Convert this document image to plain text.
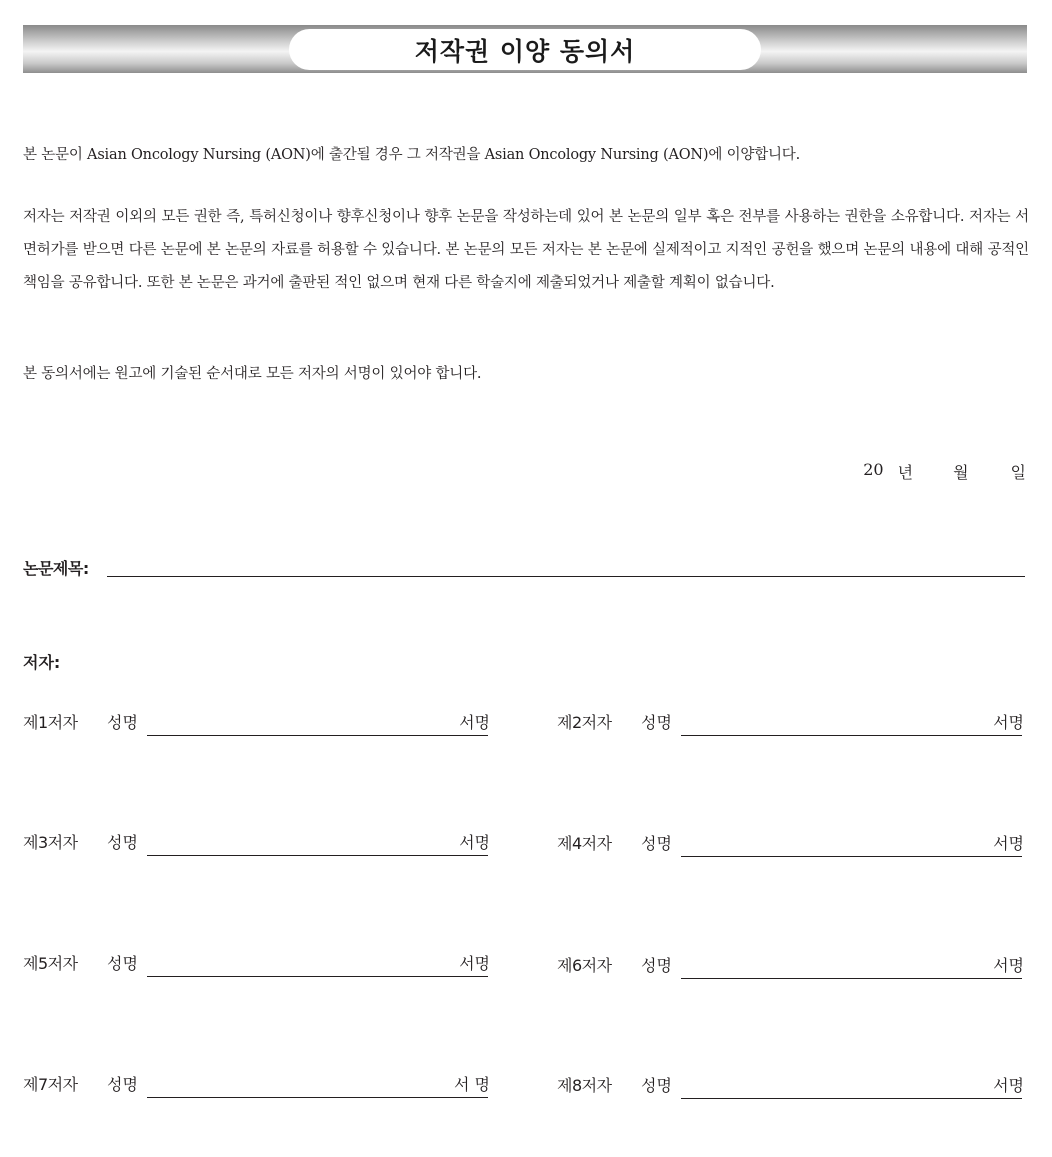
저작권 이양 동의서

본 논문이 Asian Oncology Nursing (AON)에 출간될 경우 그 저작권을 Asian Oncology Nursing (AON)에 이양합니다.

저자는 저작권 이외의 모든 권한 즉, 특허신청이나 향후신청이나 향후 논문을 작성하는데 있어 본 논문의 일부 혹은 전부를 사용하는 권한을 소유합니다. 저자는 서면허가를 받으면 다른 논문에 본 논문의 자료를 허용할 수 있습니다. 본 논문의 모든 저자는 본 논문에 실제적이고 지적인 공헌을 했으며 논문의 내용에 대해 공적인 책임을 공유합니다. 또한 본 논문은 과거에 출판된 적인 없으며 현재 다른 학술지에 제출되었거나 제출할 계획이 없습니다.

본 동의서에는 원고에 기술된 순서대로 모든 저자의 서명이 있어야 합니다.

20 년	월	일
논문제목:
저자:
제1저자 성명	서명	제2저자 성명	서명
제3저자 성명	서명	제4저자 성명	서명
제5저자 성명	서명	제6저자 성명	서명
제7저자 성명	서 명	제8저자 성명	서명
